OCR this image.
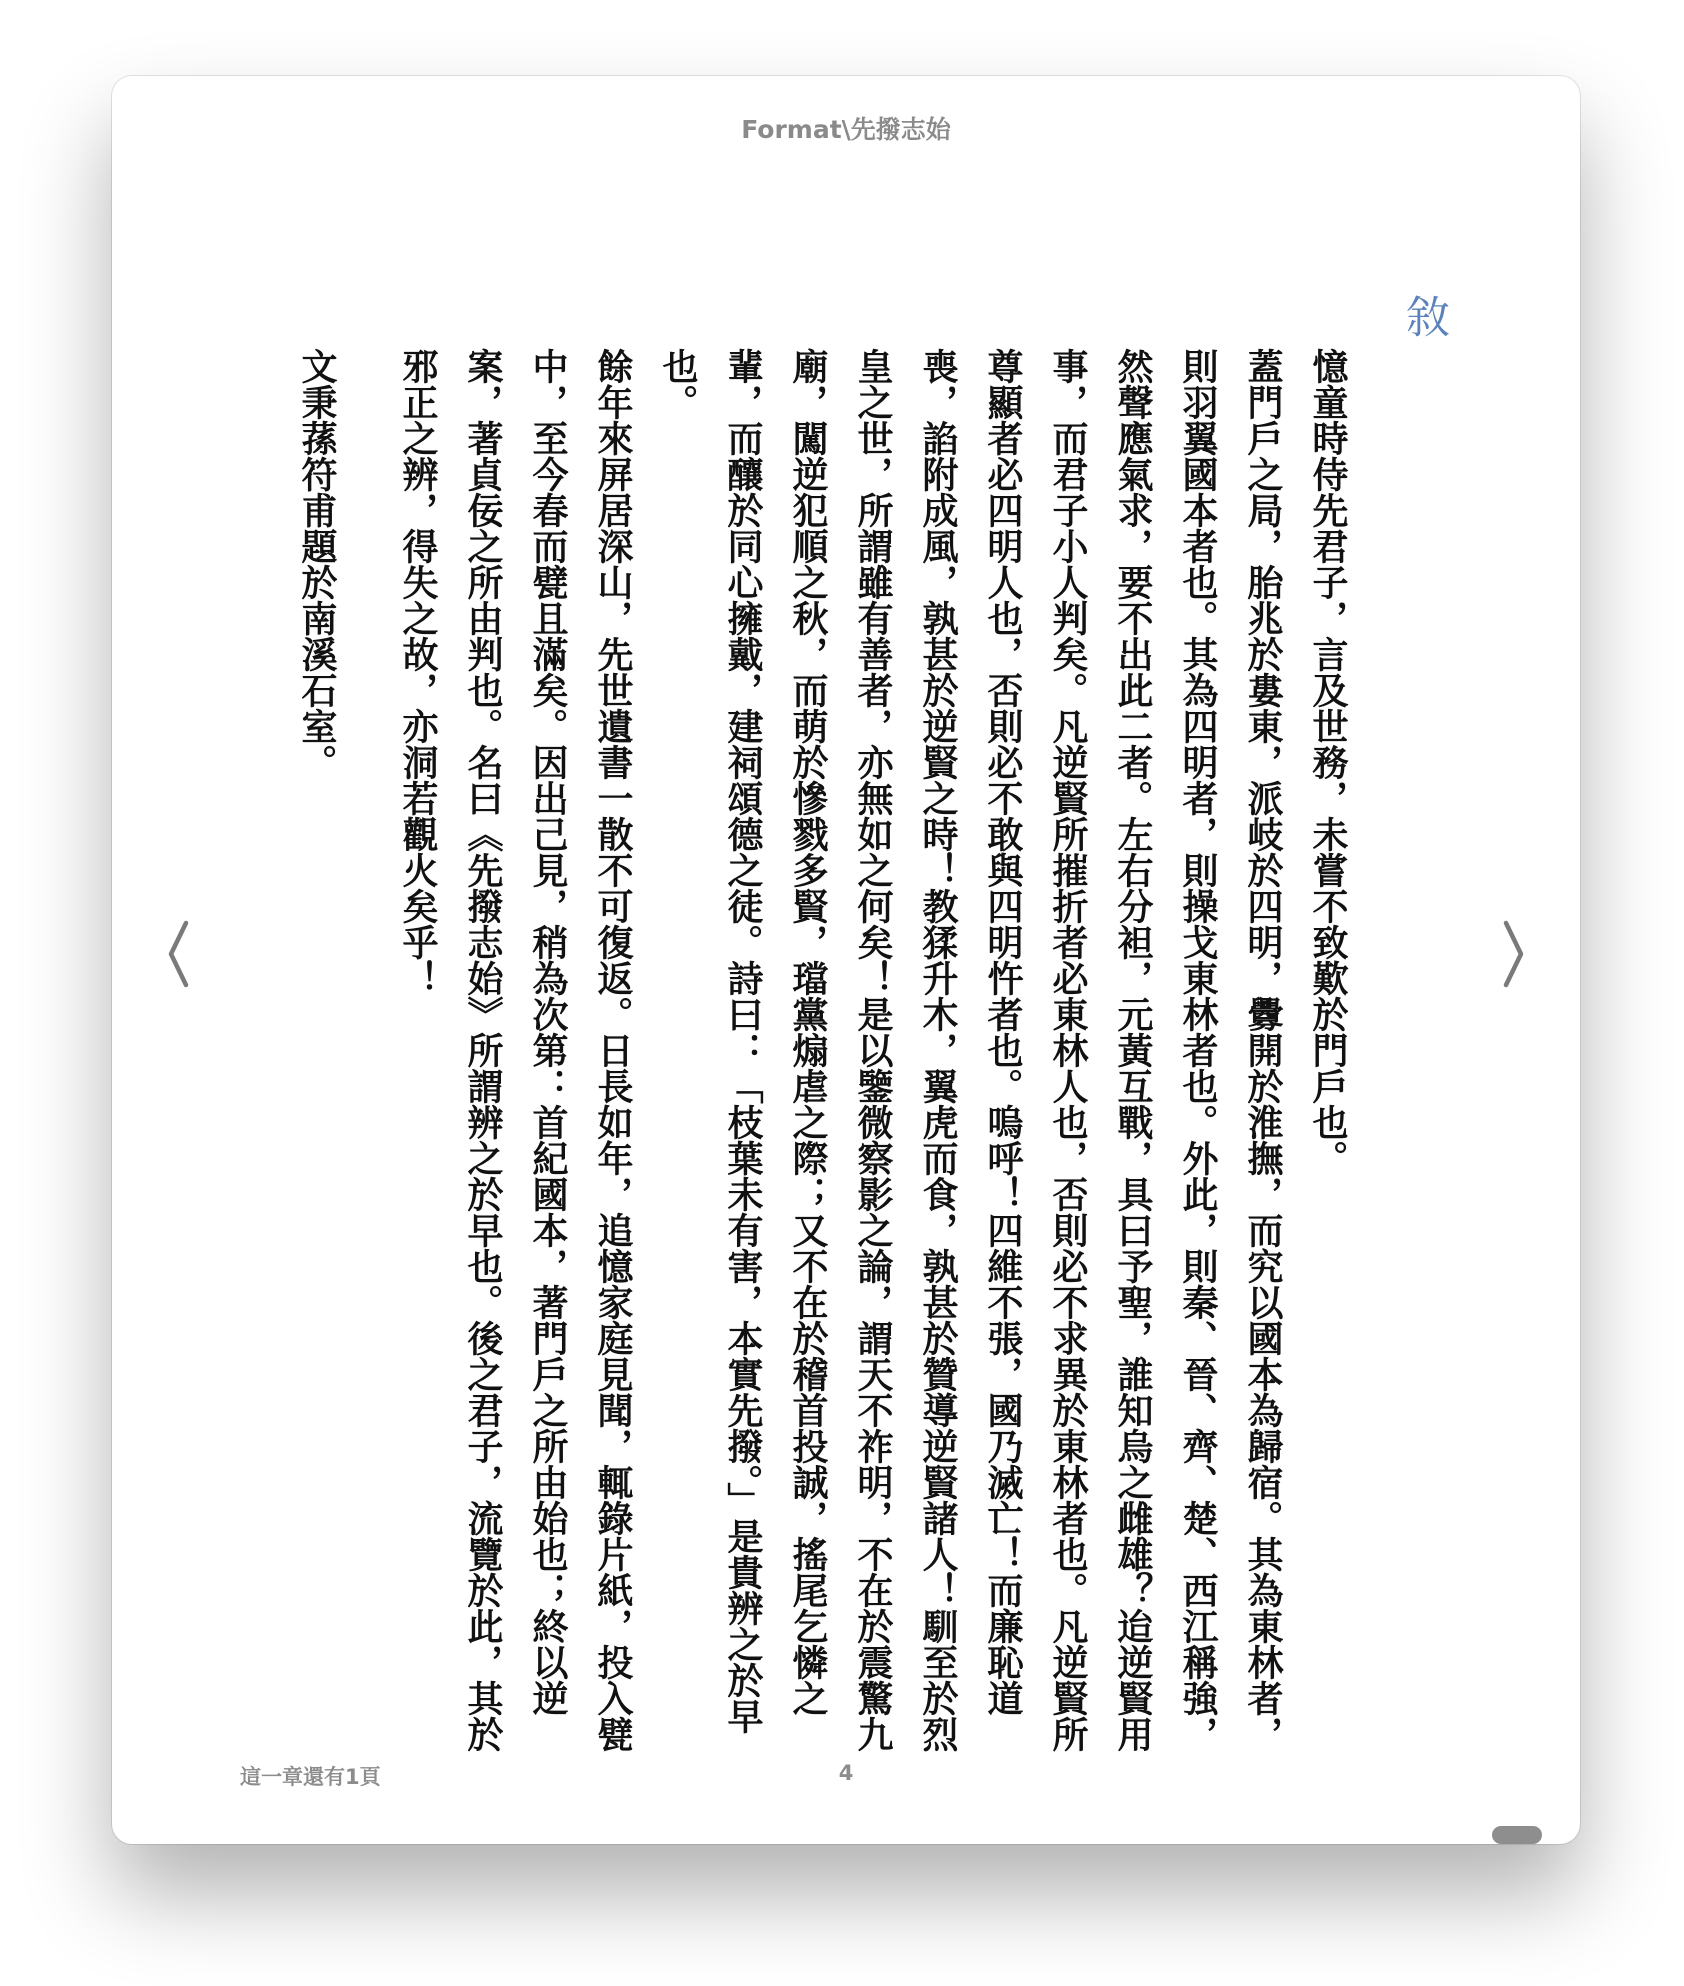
Format\先撥志始
敘

憶童時侍先君子，言及世務，未嘗不致歎於門戶也。

蓋門戶之局，胎兆於婁東，派岐於四明，釁開於淮撫，而究以國本為歸宿。其為東林者，則羽翼國本者也。其為四明者，則操戈東林者也。外此，則秦、晉、齊、楚、西江稱強，然聲應氣求，要不出此二者。左右分袒，元黃互戰，具曰予聖，誰知烏之雌雄？迨逆賢用事，而君子小人判矣。凡逆賢所摧折者必東林人也，否則必不求異於東林者也。凡逆賢所尊顯者必四明人也，否則必不敢與四明忤者也。嗚呼！四維不張，國乃滅亡！而廉恥道喪，諂附成風，孰甚於逆賢之時！教猱升木，翼虎而食，孰甚於贊導逆賢諸人！馴至於烈皇之世，所謂雖有善者，亦無如之何矣！是以鑒微察影之論，謂天不祚明，不在於震驚九廟，闖逆犯順之秋，而萌於慘戮多賢，璫黨煽虐之際；又不在於稽首投誠，搖尾乞憐之輩，而釀於同心擁戴，建祠頌德之徒。詩曰：「枝葉未有害，本實先撥。」是貴辨之於早也。

餘年來屏居深山，先世遺書一散不可復返。日長如年，追憶家庭見聞，輒錄片紙，投入甓中，至今春而甓且滿矣。因出己見，稍為次第：首紀國本，著門戶之所由始也；終以逆案，著貞佞之所由判也。名曰《先撥志始》所謂辨之於早也。後之君子，流覽於此，其於邪正之辨，得失之故，亦洞若觀火矣乎！

文秉蓀符甫題於南溪石室。

這一章還有1頁	4
